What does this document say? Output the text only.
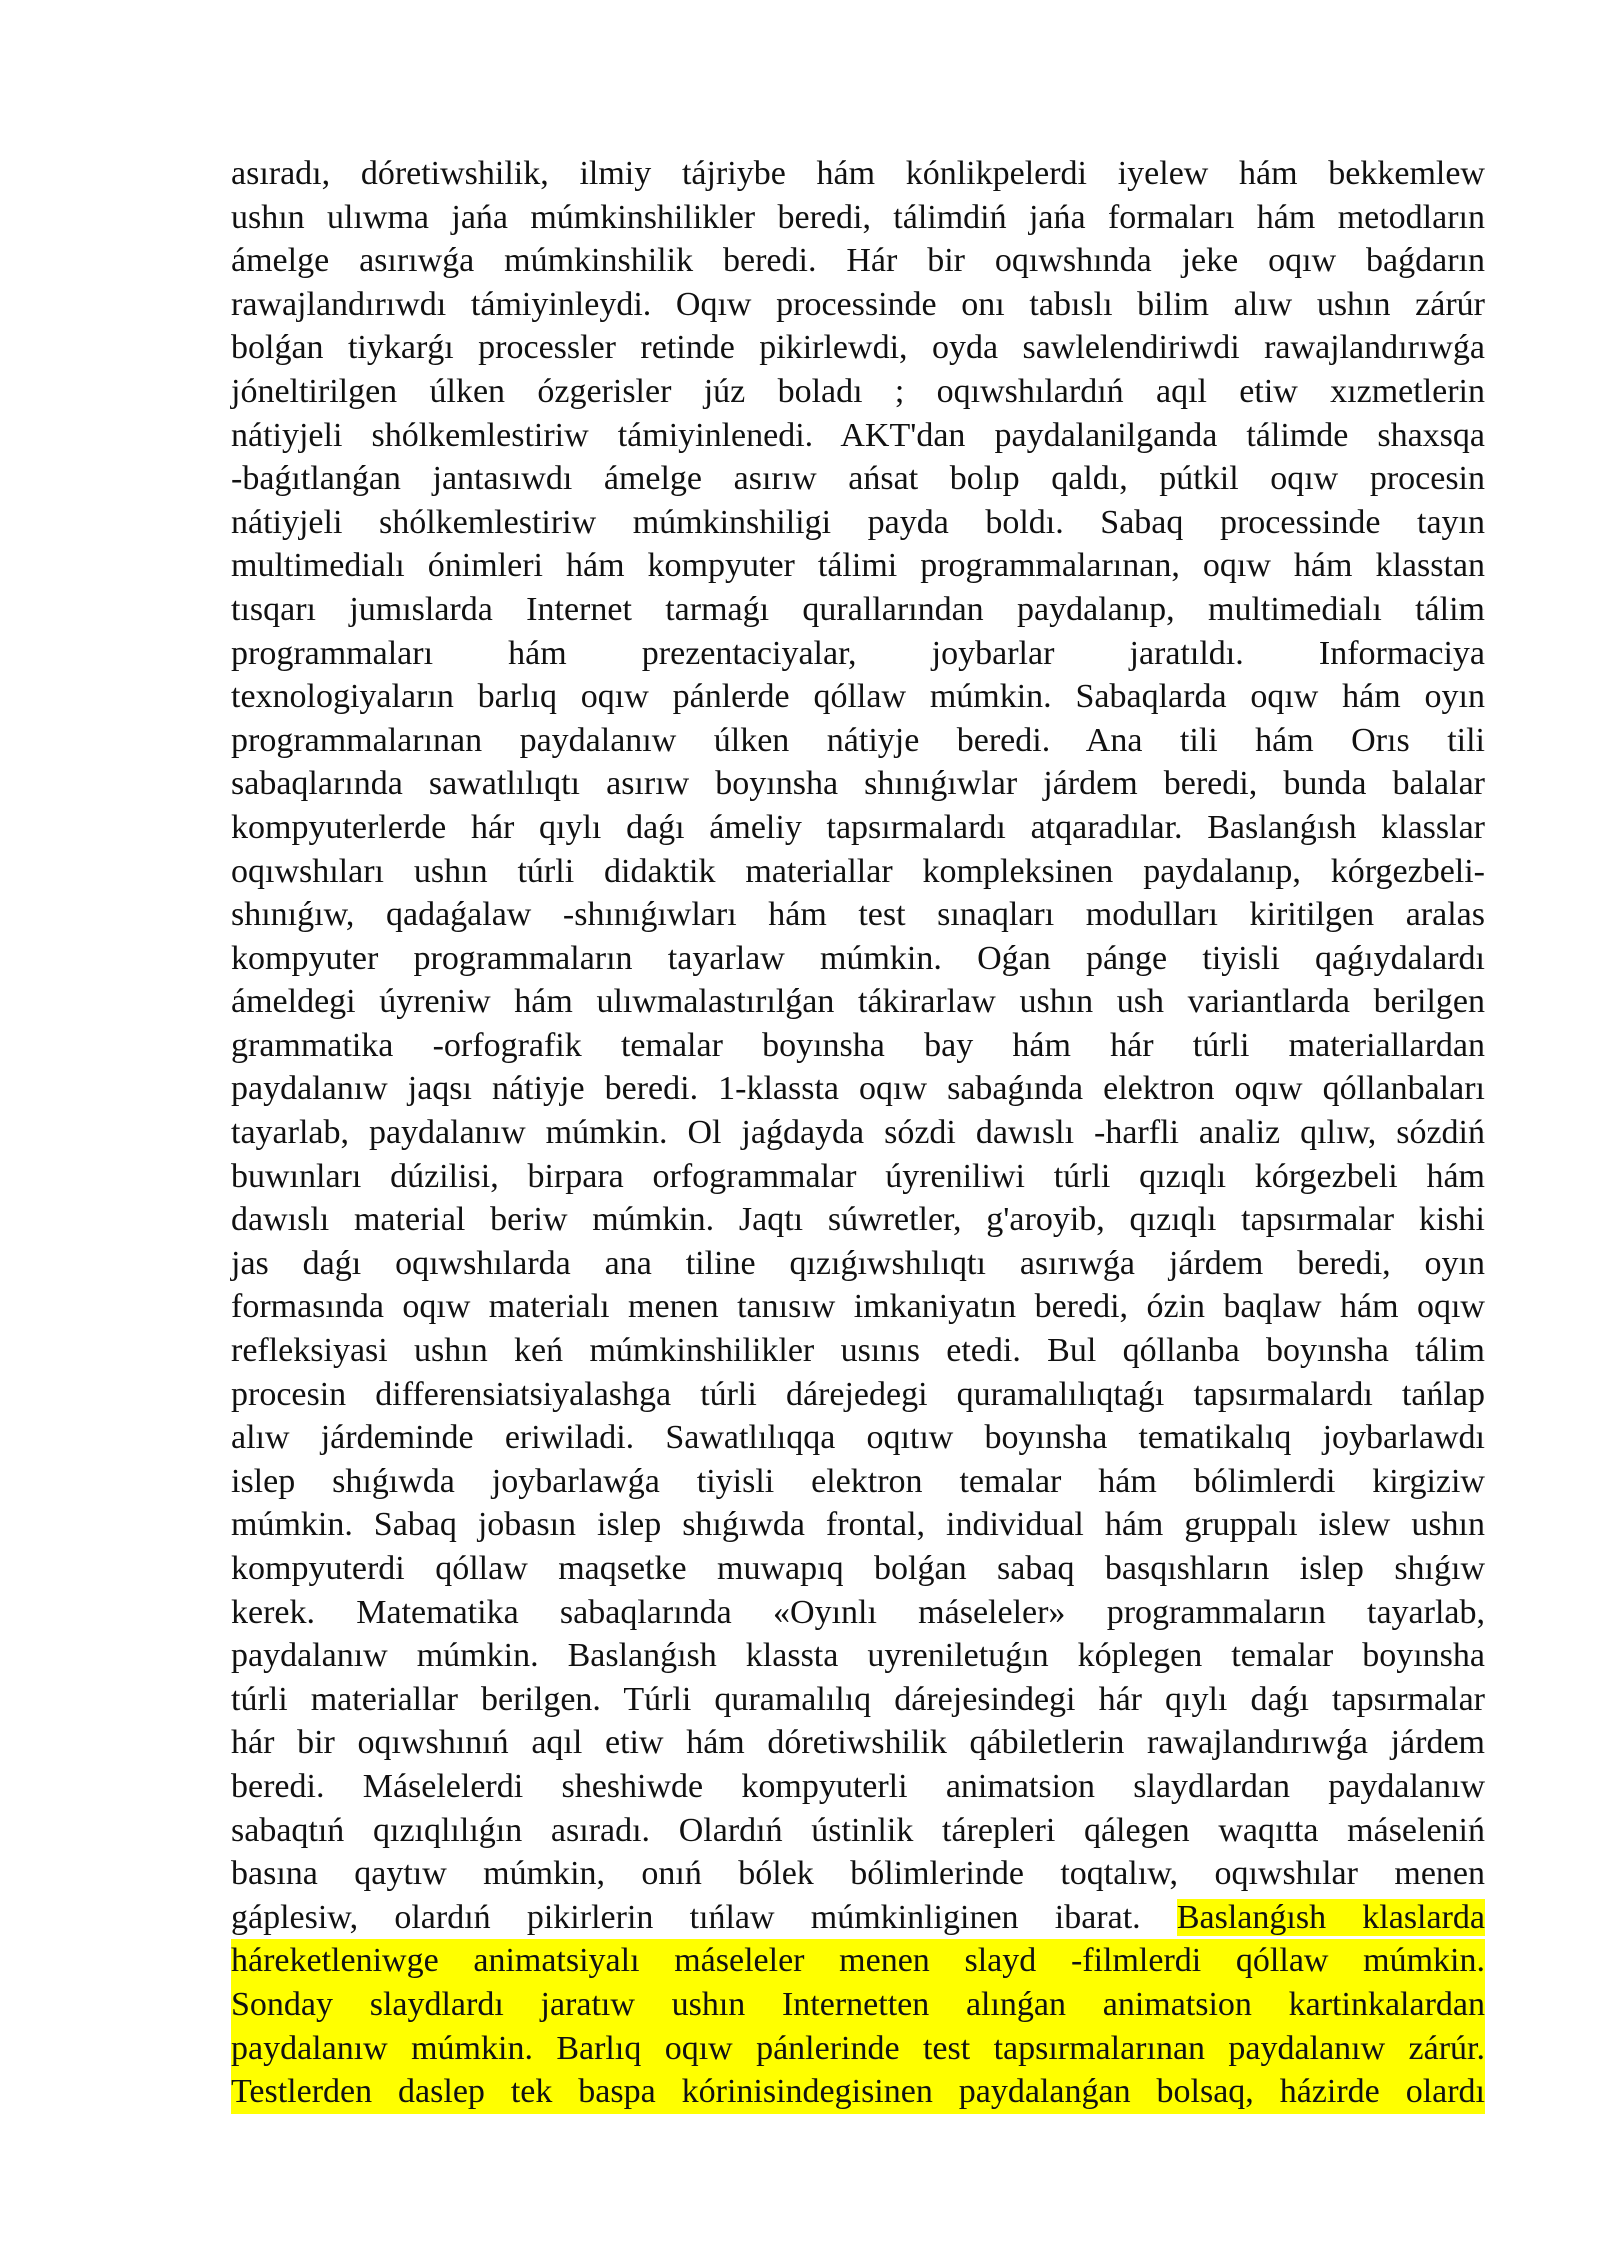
asıradı, dóretiwshilik, ilmiy tájriybe hám kónlikpelerdi iyelew hám bekkemlew
ushın ulıwma jańa múmkinshilikler beredi, tálimdiń jańa formaları hám metodların
ámelge asırıwǵa múmkinshilik beredi. Hár bir oqıwshında jeke oqıw baǵdarın
rawajlandırıwdı támiyinleydi. Oqıw processinde onı tabıslı bilim alıw ushın zárúr
bolǵan tiykarǵı processler retinde pikirlewdi, oyda sawlelendiriwdi rawajlandırıwǵa
jóneltirilgen úlken ózgerisler júz boladı ; oqıwshılardıń aqıl etiw xızmetlerin
nátiyjeli shólkemlestiriw támiyinlenedi. AKT'dan paydalanilganda tálimde shaxsqa
-baǵıtlanǵan jantasıwdı ámelge asırıw ańsat bolıp qaldı, pútkil oqıw procesin
nátiyjeli shólkemlestiriw múmkinshiligi payda boldı. Sabaq processinde tayın
multimedialı ónimleri hám kompyuter tálimi programmalarınan, oqıw hám klasstan
tısqarı jumıslarda Internet tarmaǵı qurallarından paydalanıp, multimedialı tálim
programmaları hám prezentaciyalar, joybarlar jaratıldı. Informaciya
texnologiyaların barlıq oqıw pánlerde qóllaw múmkin. Sabaqlarda oqıw hám oyın
programmalarınan paydalanıw úlken nátiyje beredi. Ana tili hám Orıs tili
sabaqlarında sawatlılıqtı asırıw boyınsha shınıǵıwlar járdem beredi, bunda balalar
kompyuterlerde hár qıylı daǵı ámeliy tapsırmalardı atqaradılar. Baslanǵısh klasslar
oqıwshıları ushın túrli didaktik materiallar kompleksinen paydalanıp, kórgezbeli-
shınıǵıw, qadaǵalaw -shınıǵıwları hám test sınaqları modulları kiritilgen aralas
kompyuter programmaların tayarlaw múmkin. Oǵan pánge tiyisli qaǵıydalardı
ámeldegi úyreniw hám ulıwmalastırılǵan tákirarlaw ushın ush variantlarda berilgen
grammatika -orfografik temalar boyınsha bay hám hár túrli materiallardan
paydalanıw jaqsı nátiyje beredi. 1-klassta oqıw sabaǵında elektron oqıw qóllanbaları
tayarlab, paydalanıw múmkin. Ol jaǵdayda sózdi dawıslı -harfli analiz qılıw, sózdiń
buwınları dúzilisi, birpara orfogrammalar úyreniliwi túrli qızıqlı kórgezbeli hám
dawıslı material beriw múmkin. Jaqtı súwretler, g'aroyib, qızıqlı tapsırmalar kishi
jas daǵı oqıwshılarda ana tiline qızıǵıwshılıqtı asırıwǵa járdem beredi, oyın
formasında oqıw materialı menen tanısıw imkaniyatın beredi, ózin baqlaw hám oqıw
refleksiyasi ushın keń múmkinshilikler usınıs etedi. Bul qóllanba boyınsha tálim
procesin differensiatsiyalashga túrli dárejedegi quramalılıqtaǵı tapsırmalardı tańlap
alıw járdeminde eriwiladi. Sawatlılıqqa oqıtıw boyınsha tematikalıq joybarlawdı
islep shıǵıwda joybarlawǵa tiyisli elektron temalar hám bólimlerdi kirgiziw
múmkin. Sabaq jobasın islep shıǵıwda frontal, individual hám gruppalı islew ushın
kompyuterdi qóllaw maqsetke muwapıq bolǵan sabaq basqıshların islep shıǵıw
kerek. Matematika sabaqlarında «Oyınlı máseleler» programmaların tayarlab,
paydalanıw múmkin. Baslanǵısh klassta uyreniletuǵın kóplegen temalar boyınsha
túrli materiallar berilgen. Túrli quramalılıq dárejesindegi hár qıylı daǵı tapsırmalar
hár bir oqıwshınıń aqıl etiw hám dóretiwshilik qábiletlerin rawajlandırıwǵa járdem
beredi. Máselelerdi sheshiwde kompyuterli animatsion slaydlardan paydalanıw
sabaqtıń qızıqlılıǵın asıradı. Olardıń ústinlik tárepleri qálegen waqıtta máseleniń
basına qaytıw múmkin, onıń bólek bólimlerinde toqtalıw, oqıwshılar menen
gáplesiw, olardıń pikirlerin tıńlaw múmkinliginen ibarat. Baslanǵısh klaslarda
háreketleniwge animatsiyalı máseleler menen slayd -filmlerdi qóllaw múmkin.
Sonday slaydlardı jaratıw ushın Internetten alınǵan animatsion kartinkalardan
paydalanıw múmkin. Barlıq oqıw pánlerinde test tapsırmalarınan paydalanıw zárúr.
Testlerden daslep tek baspa kórinisindegisinen paydalanǵan bolsaq, házirde olardı
